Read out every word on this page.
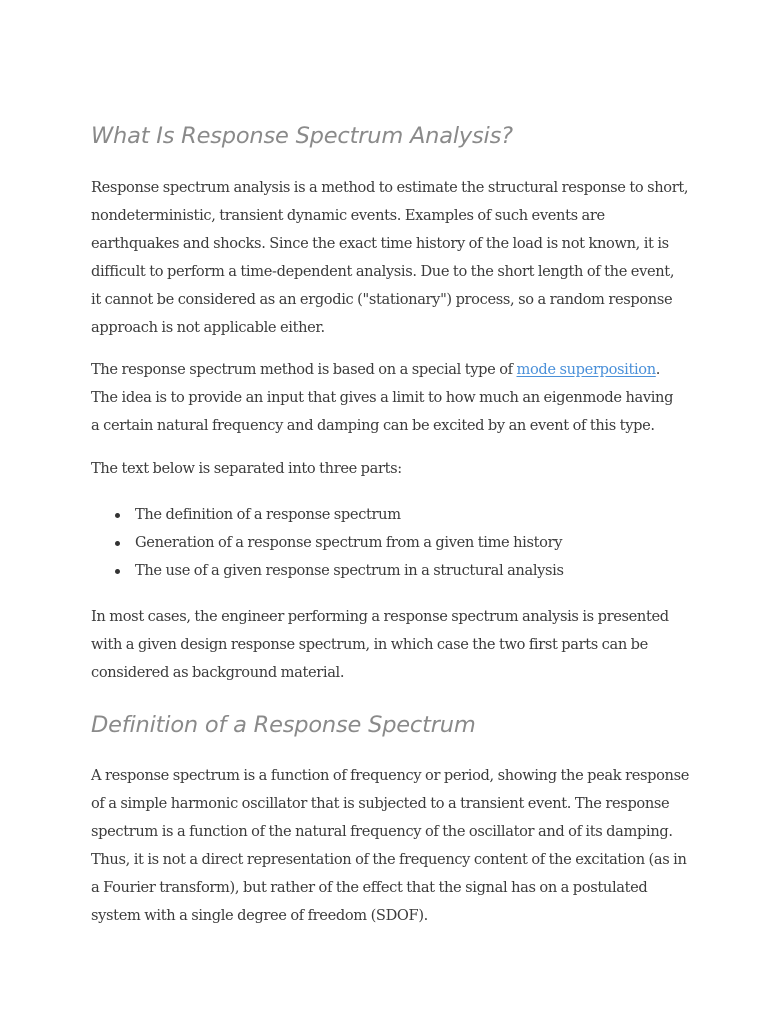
What Is Response Spectrum Analysis?

Response spectrum analysis is a method to estimate the structural response to short,
nondeterministic, transient dynamic events. Examples of such events are
earthquakes and shocks. Since the exact time history of the load is not known, it is
difficult to perform a time-dependent analysis. Due to the short length of the event,
it cannot be considered as an ergodic ("stationary") process, so a random response
approach is not applicable either.

The response spectrum method is based on a special type of mode superposition.
The idea is to provide an input that gives a limit to how much an eigenmode having
a certain natural frequency and damping can be excited by an event of this type.

The text below is separated into three parts:

The definition of a response spectrum
Generation of a response spectrum from a given time history
The use of a given response spectrum in a structural analysis

In most cases, the engineer performing a response spectrum analysis is presented
with a given design response spectrum, in which case the two first parts can be
considered as background material.

Definition of a Response Spectrum

A response spectrum is a function of frequency or period, showing the peak response
of a simple harmonic oscillator that is subjected to a transient event. The response
spectrum is a function of the natural frequency of the oscillator and of its damping.
Thus, it is not a direct representation of the frequency content of the excitation (as in
a Fourier transform), but rather of the effect that the signal has on a postulated
system with a single degree of freedom (SDOF).
